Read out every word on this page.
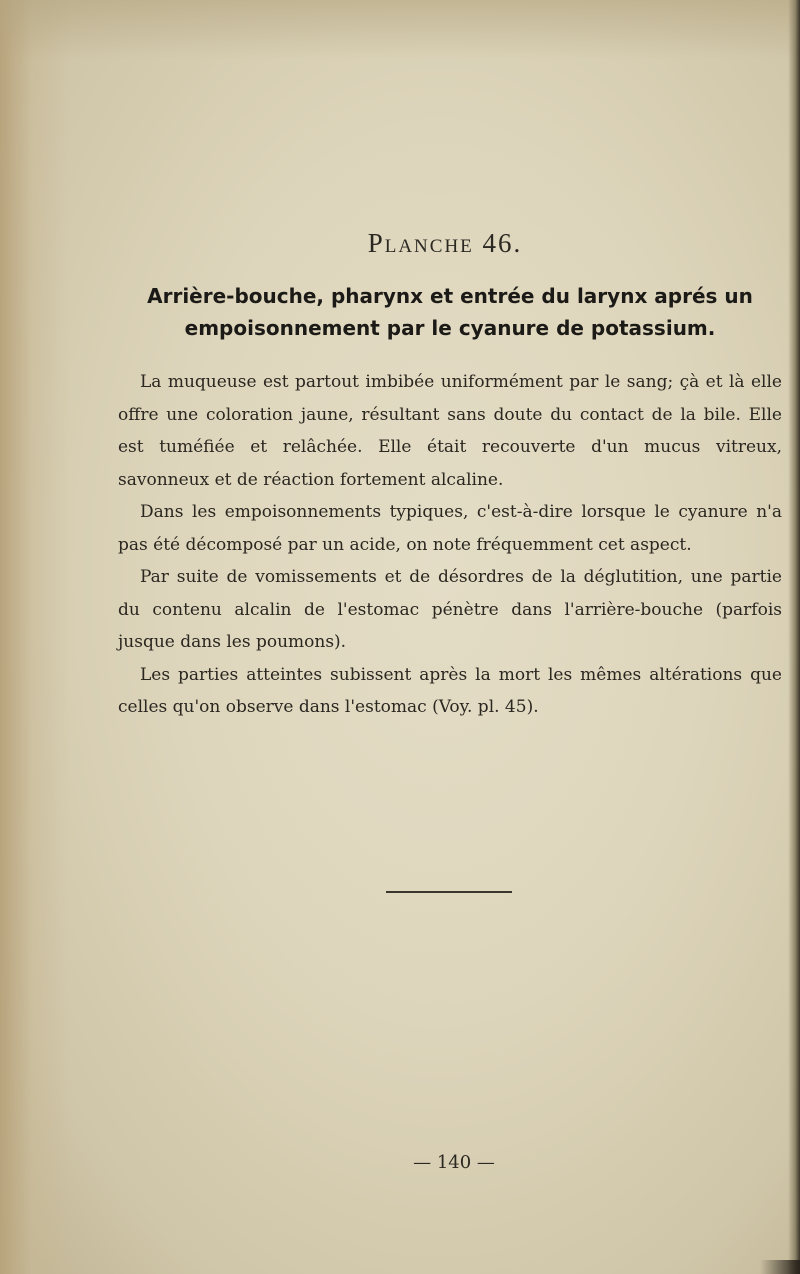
Planche 46.
Arrière-bouche, pharynx et entrée du larynx aprés un empoisonnement par le cyanure de potassium.

La muqueuse est partout imbibée uniformément par le sang; çà et là elle offre une coloration jaune, résultant sans doute du contact de la bile. Elle est tuméfiée et relâchée. Elle était recouverte d'un mucus vitreux, savonneux et de réaction fortement alcaline.

Dans les empoisonnements typiques, c'est-à-dire lorsque le cyanure n'a pas été décomposé par un acide, on note fréquemment cet aspect.

Par suite de vomissements et de désordres de la déglutition, une partie du contenu alcalin de l'estomac pénètre dans l'arrière-bouche (parfois jusque dans les poumons).

Les parties atteintes subissent après la mort les mêmes altérations que celles qu'on observe dans l'estomac (Voy. pl. 45).

— 140 —
